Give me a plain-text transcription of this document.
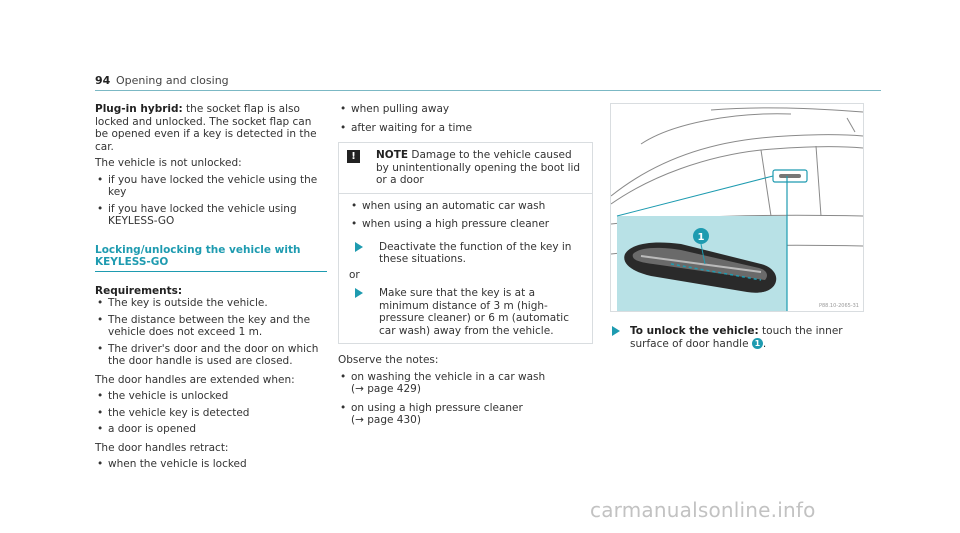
94 Opening and closing

Plug-in hybrid: the socket flap is also locked and unlocked. The socket flap can be opened even if a key is detected in the car.

The vehicle is not unlocked:

• if you have locked the vehicle using the key
• if you have locked the vehicle using KEYLESS-GO
Locking/unlocking the vehicle with KEYLESS-GO

Requirements:

• The key is outside the vehicle.
• The distance between the key and the vehicle does not exceed 1 m.
• The driver's door and the door on which the door handle is used are closed.

The door handles are extended when:

• the vehicle is unlocked
• the vehicle key is detected
• a door is opened

The door handles retract:

• when the vehicle is locked
• when pulling away
• after waiting for a time
!	NOTE Damage to the vehicle caused by unintentionally opening the boot lid or a door
• when using an automatic car wash
• when using a high pressure cleaner
Deactivate the function of the key in these situations.

or

Make sure that the key is at a minimum distance of 3 m (high-pressure cleaner) or 6 m (automatic car wash) away from the vehicle.

Observe the notes:

• on washing the vehicle in a car wash
(→ page 429)
• on using a high pressure cleaner
(→ page 430)
1
P88.10-2065-31
To unlock the vehicle: touch the inner surface of door handle 1 .
carmanualsonline.info
